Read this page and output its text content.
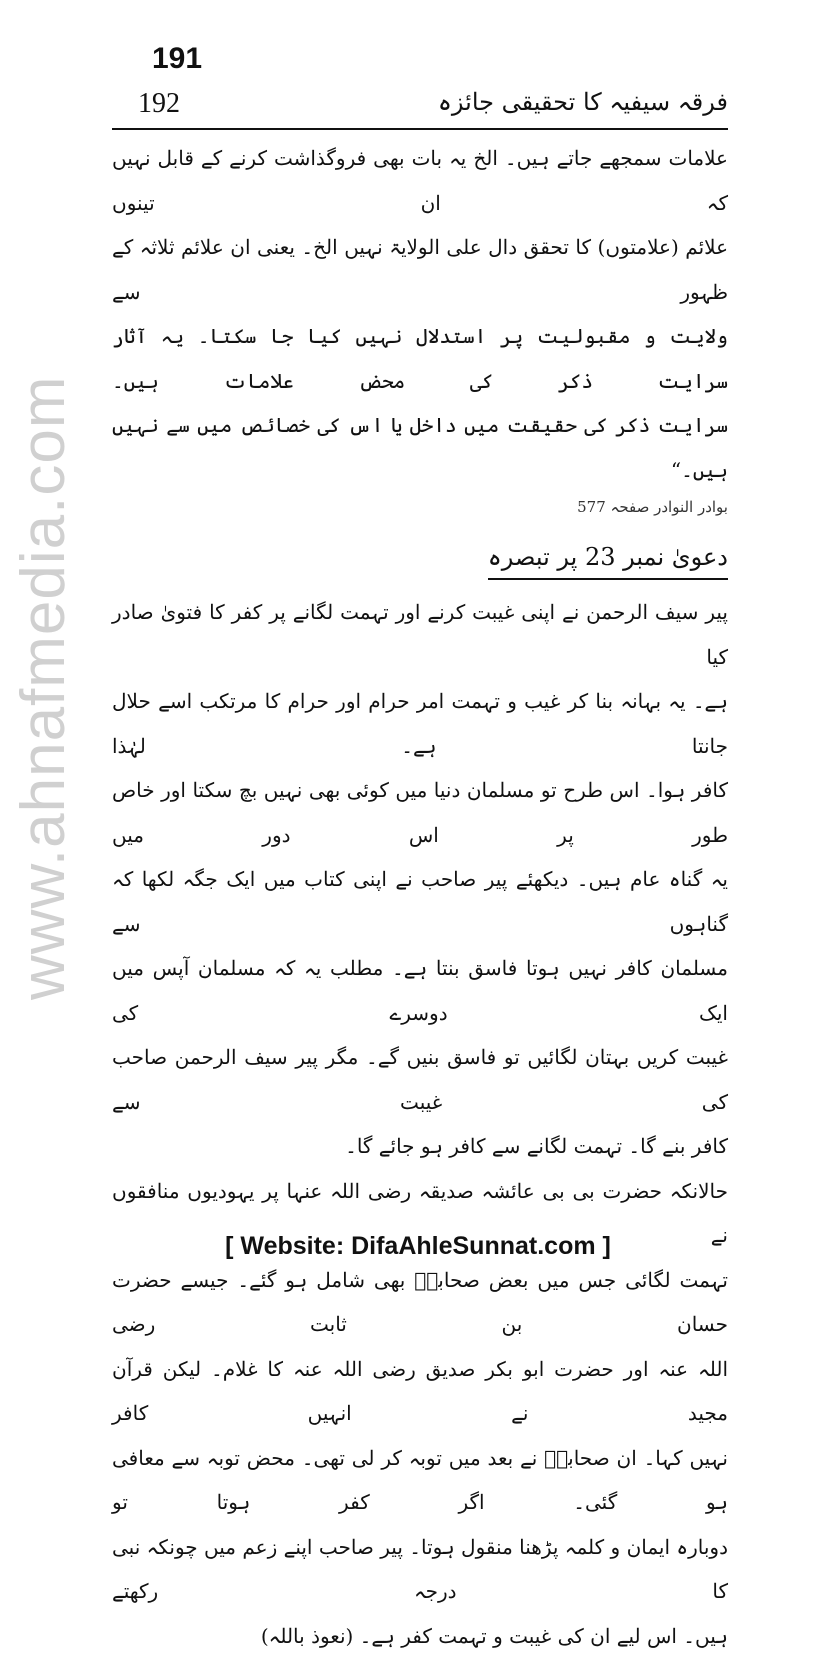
191
192	فرقہ سیفیہ کا تحقیقی جائزہ
www.ahnafmedia.com

علامات سمجھے جاتے ہیں۔ الخ یہ بات بھی فروگذاشت کرنے کے قابل نہیں کہ ان تینوں
علائم (علامتوں) کا تحقق دال علی الولایۃ نہیں الخ۔ یعنی ان علائم ثلاثہ کے ظہور سے
ولایت و مقبولیت پر استدلال نہیں کیا جا سکتا۔ یہ آثار سرایت ذکر کی محض علامات ہیں۔
سرایت ذکر کی حقیقت میں داخل یا اس کی خصائص میں سے نہیں ہیں۔“

بوادر النوادر صفحہ 577
دعویٰ نمبر 23 پر تبصرہ

پیر سیف الرحمن نے اپنی غیبت کرنے اور تہمت لگانے پر کفر کا فتویٰ صادر کیا
ہے۔ یہ بہانہ بنا کر غیب و تہمت امر حرام اور حرام کا مرتکب اسے حلال جانتا ہے۔ لہٰذا
کافر ہوا۔ اس طرح تو مسلمان دنیا میں کوئی بھی نہیں بچ سکتا اور خاص طور پر اس دور میں
یہ گناہ عام ہیں۔ دیکھئے پیر صاحب نے اپنی کتاب میں ایک جگہ لکھا کہ گناہوں سے
مسلمان کافر نہیں ہوتا فاسق بنتا ہے۔ مطلب یہ کہ مسلمان آپس میں ایک دوسرے کی
غیبت کریں بہتان لگائیں تو فاسق بنیں گے۔ مگر پیر سیف الرحمن صاحب کی غیبت سے
کافر بنے گا۔ تہمت لگانے سے کافر ہو جائے گا۔

حالانکہ حضرت بی بی عائشہ صدیقہ رضی اللہ عنہا پر یہودیوں منافقوں نے
تہمت لگائی جس میں بعض صحابیؓ بھی شامل ہو گئے۔ جیسے حضرت حسان بن ثابت رضی
اللہ عنہ اور حضرت ابو بکر صدیق رضی اللہ عنہ کا غلام۔ لیکن قرآن مجید نے انہیں کافر
نہیں کہا۔ ان صحابہؓ نے بعد میں توبہ کر لی تھی۔ محض توبہ سے معافی ہو گئی۔ اگر کفر ہوتا تو
دوبارہ ایمان و کلمہ پڑھنا منقول ہوتا۔ پیر صاحب اپنے زعم میں چونکہ نبی کا درجہ رکھتے
ہیں۔ اس لیے ان کی غیبت و تہمت کفر ہے۔ (نعوذ باللہ)

[ Website: DifaAhleSunnat.com ]
